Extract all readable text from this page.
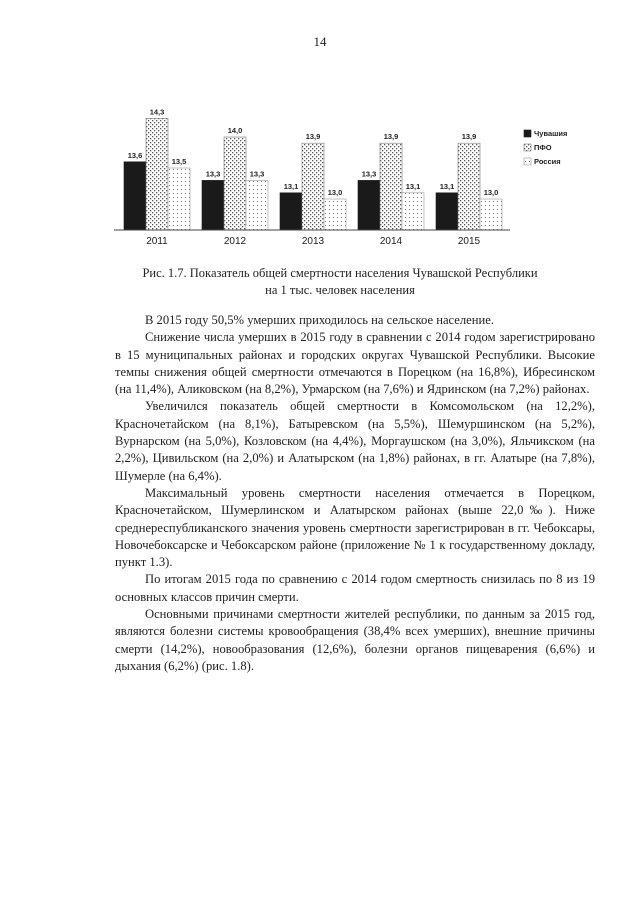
14
13,6
14,3
13,5
13,3
14,0
13,3
13,1
13,9
13,0
13,3
13,9
13,1	13,1
13,9
13,0
2011	2012	2013	2014	2015
Чувашия
ПФО
Россия
Рис. 1.7. Показатель общей смертности населения Чувашской Республики
на 1 тыс. человек населения

В 2015 году 50,5% умерших приходилось на сельское население.

Снижение числа умерших в 2015 году в сравнении с 2014 годом зарегистрировано в 15 муниципальных районах и городских округах Чувашской Республики. Высокие темпы снижения общей смертности отмечаются в Порецком (на 16,8%), Ибресинском (на 11,4%), Аликовском (на 8,2%), Урмарском (на 7,6%) и Ядринском (на 7,2%) районах.

Увеличился показатель общей смертности в Комсомольском (на 12,2%), Красночетайском (на 8,1%), Батыревском (на 5,5%), Шемуршинском (на 5,2%), Вурнарском (на 5,0%), Козловском (на 4,4%), Моргаушском (на 3,0%), Яльчикском (на 2,2%), Цивильском (на 2,0%) и Алатырском (на 1,8%) районах, в гг. Алатыре (на 7,8%), Шумерле (на 6,4%).

Максимальный уровень смертности населения отмечается в Порецком, Красночетайском, Шумерлинском и Алатырском районах (выше 22,0‰). Ниже среднереспубликанского значения уровень смертности зарегистрирован в гг. Чебоксары, Новочебоксарске и Чебоксарском районе (приложение № 1 к государственному докладу, пункт 1.3).

По итогам 2015 года по сравнению с 2014 годом смертность снизилась по 8 из 19 основных классов причин смерти.

Основными причинами смертности жителей республики, по данным за 2015 год, являются болезни системы кровообращения (38,4% всех умерших), внешние причины смерти (14,2%), новообразования (12,6%), болезни органов пищеварения (6,6%) и дыхания (6,2%) (рис. 1.8).
